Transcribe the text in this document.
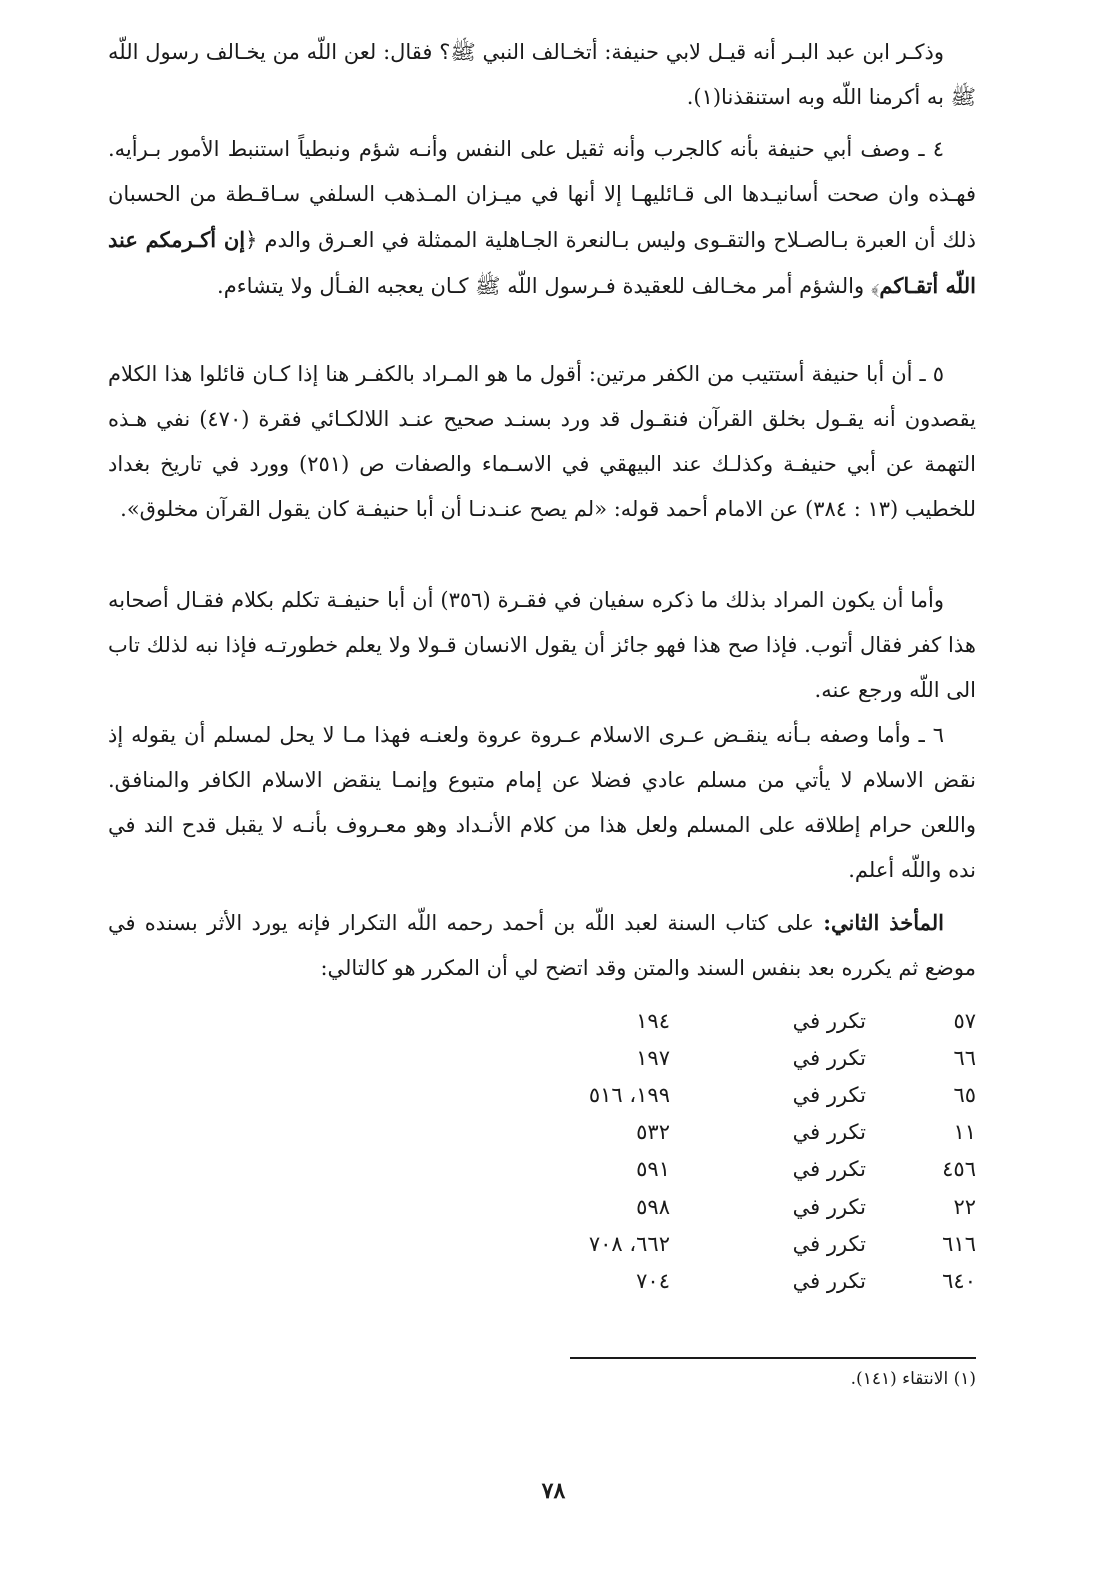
وذكـر ابن عبد البـر أنه قيـل لابي حنيفة: أتخـالف النبي ﷺ؟ فقال: لعن اللّه من يخـالف رسول اللّه ﷺ به أكرمنا اللّه وبه استنقذنا(١).

٤ ـ وصف أبي حنيفة بأنه كالجرب وأنه ثقيل على النفس وأنـه شؤم ونبطياً استنبط الأمور بـرأيه. فهـذه وان صحت أسانيـدها الى قـائليهـا إلا أنها في ميـزان المـذهب السلفي سـاقـطة من الحسبان ذلك أن العبرة بـالصـلاح والتقـوى وليس بـالنعرة الجـاهلية الممثلة في العـرق والدم ﴿إن أكـرمكم عند اللّه أتقـاكم﴾ والشؤم أمر مخـالف للعقيدة فـرسول اللّه ﷺ كـان يعجبه الفـأل ولا يتشاءم.

٥ ـ أن أبا حنيفة أستتيب من الكفر مرتين: أقول ما هو المـراد بالكفـر هنا إذا كـان قائلوا هذا الكلام يقصدون أنه يقـول بخلق القرآن فنقـول قد ورد بسنـد صحيح عنـد اللالكـائي فقرة (٤٧٠) نفي هـذه التهمة عن أبي حنيفـة وكذلـك عند البيهقي في الاسـماء والصفات ص (٢٥١) وورد في تاريخ بغداد للخطيب (١٣ : ٣٨٤) عن الامام أحمد قوله: «لم يصح عنـدنـا أن أبا حنيفـة كان يقول القرآن مخلوق».

وأما أن يكون المراد بذلك ما ذكره سفيان في فقـرة (٣٥٦) أن أبا حنيفـة تكلم بكلام فقـال أصحابه هذا كفر فقال أتوب. فإذا صح هذا فهو جائز أن يقول الانسان قـولا ولا يعلم خطورتـه فإذا نبه لذلك تاب الى اللّه ورجع عنه.

٦ ـ وأما وصفه بـأنه ينقـض عـرى الاسلام عـروة عروة ولعنـه فهذا مـا لا يحل لمسلم أن يقوله إذ نقض الاسلام لا يأتي من مسلم عادي فضلا عن إمام متبوع وإنمـا ينقض الاسلام الكافر والمنافق. واللعن حرام إطلاقه على المسلم ولعل هذا من كلام الأنـداد وهو معـروف بأنـه لا يقبل قدح الند في نده واللّه أعلم.

المأخذ الثاني: على كتاب السنة لعبد اللّه بن أحمد رحمه اللّه التكرار فإنه يورد الأثر بسنده في موضع ثم يكرره بعد بنفس السند والمتن وقد اتضح لي أن المكرر هو كالتالي:

٥٧
تكرر في
١٩٤
٦٦
تكرر في
١٩٧
٦٥
تكرر في
١٩٩، ٥١٦
١١
تكرر في
٥٣٢
٤٥٦
تكرر في
٥٩١
٢٢
تكرر في
٥٩٨
٦١٦
تكرر في
٦٦٢، ٧٠٨
٦٤٠
تكرر في
٧٠٤
(١) الانتقاء (١٤١).
٧٨
